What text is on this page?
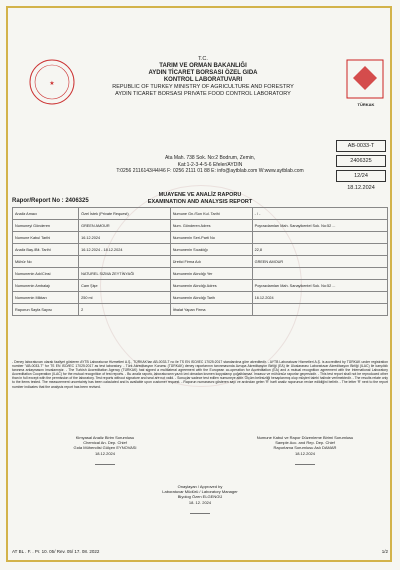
★
T.C.
TARIM VE ORMAN BAKANLIĞI
AYDIN TİCARET BORSASI ÖZEL GIDA
KONTROL LABORATUVARI
REPUBLIC OF TURKEY MINISTRY OF AGRICULTURE AND FORESTRY
AYDIN TICARET BORSASI PRIVATE FOOD CONTROL LABORATORY
TÜRKAK
Ata Mah. 738 Sok. No:2 Bodrum, Zemin,
Kat:1-2-3-4-5-6 Efeler/AYDIN
T:0256 2116143/44/46 F: 0256 2111 01 88 E: info@aytblab.com W:www.aytblab.com
AB-0033-T
2406325
12/24
18.12.2024
Rapor/Report No : 2406325
MUAYENE VE ANALİZ RAPORU
EXAMINATION AND ANALYSIS REPORT
Analiz Amacı	Özel İstek (Private Request)	Numune Gn./Son Kul. Tarihi	- / -
Numuneyi Gönderen	GREEN AMOUR	Num. Gönderen Adres	Poyrazdamları Mah. Sanayikentel Sok. No:52 ...
Numune Kabul Tarihi	16.12.2024	Numunenin Seri-Parti No	
Analiz Baş./Bit. Tarihi	16.12.2024 - 18.12.2024	Numunenin Sıcaklığı	22,8
Mühür No		Üretici Firma Adı	GREEN AMOUR
Numunenin Adı/Cinsi	NATUREL SIZMA ZEYTİNYAĞI	Numunenin Alındığı Yer	
Numunenin Ambalajı	Cam Şişe	Numunenin Alındığı Adres	Poyrazdamları Mah. Sanayikentel Sok. No:52 ...
Numunenin Miktarı	250 ml	Numunenin Alındığı Tarih	16.12.2024
Raporun Sayfa Sayısı	2	İthalat Yapan Firma	
- Deney laboratuvarı olarak faaliyet gösteren AYTB Laboratuvar Hizmetleri A.Ş., TÜRKAK'tan AB-0033-T no ile TS EN ISO/IEC 17025:2017 standardına göre akreditedir. - AYTB Laboratuvar Hizmetleri A.Ş. is accredited by TÜRKAK under registration number "AB-0033-T" for TS EN ISO/IEC 17025:2017 as test laboratory. - Türk Akreditasyon Kurumu (TÜRKAK) deney raporlarının tanınmasında Avrupa Akreditasyon Birliği (EA) ile Uluslararası Laboratuvar Akreditasyon Birliği (ILAC) ile karşılıklı tanınma anlaşmasını imzalamıştır. - The Turkish Accreditation Agency (TÜRKAK) has signed a multilateral agreement with the European co-operation for Accreditation (EA) and a mutual recognition agreement with the International Laboratory Accreditation Cooperation (ILAC) for the mutual recognition of test reports. - Bu analiz raporu, laboratuvarın yazılı izni olmadan kısmen kopyalanıp çoğaltılamaz. İmzasız ve mühürsüz raporlar geçersizdir. - This test report shall not be reproduced other than in full except with the permission of the laboratory. Test reports without signature and seal are not valid. - Sonuçlar sadece test edilen numuneye aittir. Ölçüm belirsizliği hesaplanmış olup müşteri talebi halinde verilmektedir. - The results relate only to the items tested. The measurement uncertainty has been calculated and is available upon customer request. - Raporun numarasını gösteren sayı ve ardından gelen 'R' harfi analiz raporunun revize edildiğini belirtir. - The letter 'R' next to the report number indicates that the analysis report has been revised.
Kimyasal Analiz Birim Sorumlusu
Chemical An. Dep. Chief
Gıda Mühendisi Gülçen EYNOVASI
18.12.2024
Numune Kabul ve Rapor Düzenleme Birimi Sorumlusu
Sample Acc. and Rep. Dep. Chief
Raporlama Sorumlusu Aslı DAMAR
18.12.2024
Onaylayan / Approved by
Laboratuvar Müdürü / Laboratory Manager
Biyolog Özen ELGENGÜ
18. 12. 2024
AT BL . F. . Pr. 10. 05/ Rev. 05/ 17. 08. 2022	1/2
